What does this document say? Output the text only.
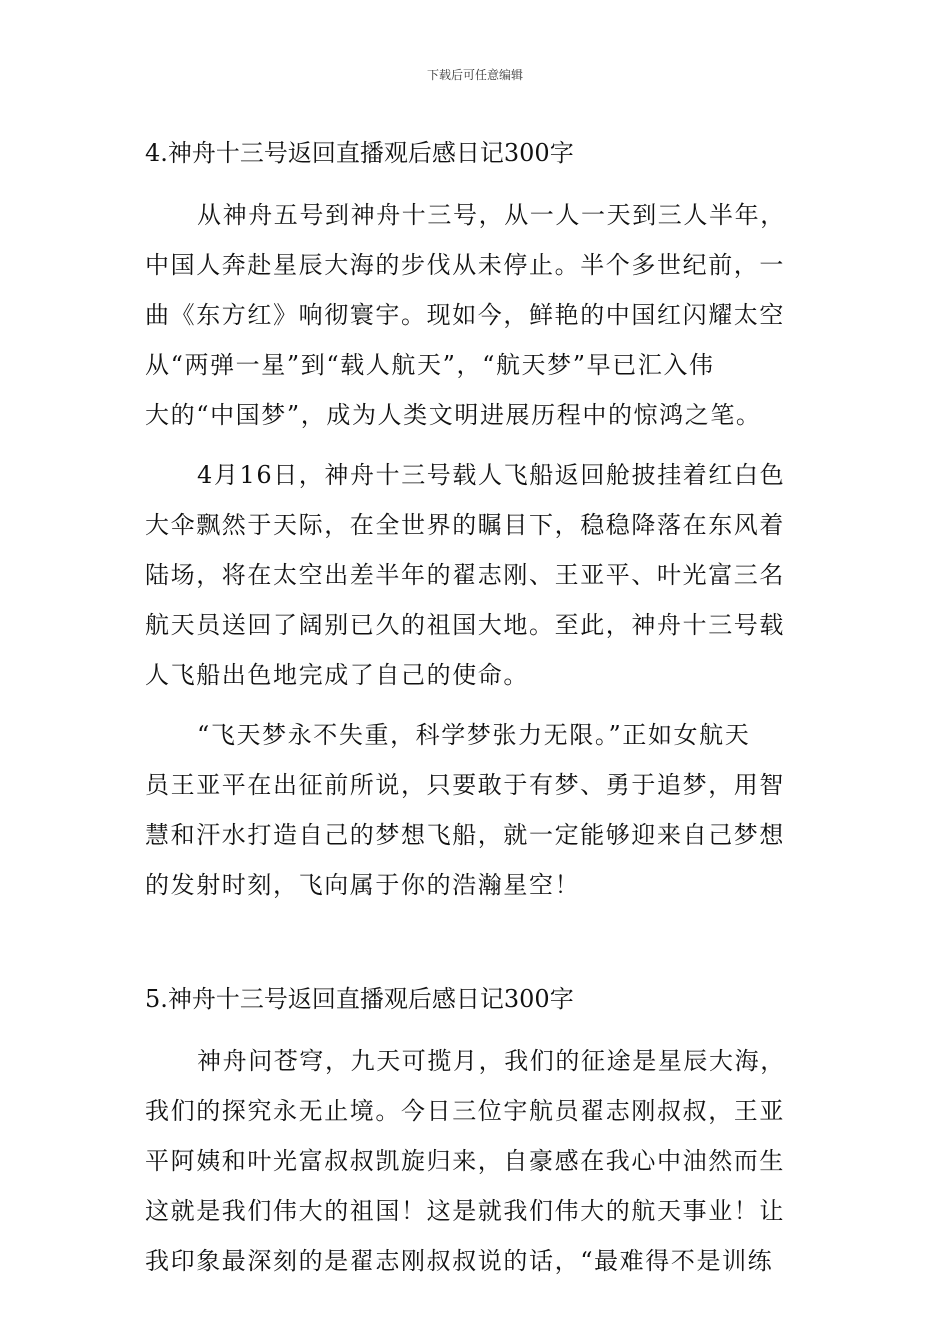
下载后可任意编辑
4.神舟十三号返回直播观后感日记300字
从神舟五号到神舟十三号，从一人一天到三人半年，
中国人奔赴星辰大海的步伐从未停止。半个多世纪前，一
曲《东方红》响彻寰宇。现如今，鲜艳的中国红闪耀太空
从“两弹一星”到“载人航天”，“航天梦”早已汇入伟
大的“中国梦”，成为人类文明进展历程中的惊鸿之笔。
4月16日，神舟十三号载人飞船返回舱披挂着红白色
大伞飘然于天际，在全世界的瞩目下，稳稳降落在东风着
陆场，将在太空出差半年的翟志刚、王亚平、叶光富三名
航天员送回了阔别已久的祖国大地。至此，神舟十三号载
人飞船出色地完成了自己的使命。
“飞天梦永不失重，科学梦张力无限。”正如女航天
员王亚平在出征前所说，只要敢于有梦、勇于追梦，用智
慧和汗水打造自己的梦想飞船，就一定能够迎来自己梦想
的发射时刻，飞向属于你的浩瀚星空！
5.神舟十三号返回直播观后感日记300字
神舟问苍穹，九天可揽月，我们的征途是星辰大海，
我们的探究永无止境。今日三位宇航员翟志刚叔叔，王亚
平阿姨和叶光富叔叔凯旋归来，自豪感在我心中油然而生
这就是我们伟大的祖国！这是就我们伟大的航天事业！让
我印象最深刻的是翟志刚叔叔说的话，“最难得不是训练
